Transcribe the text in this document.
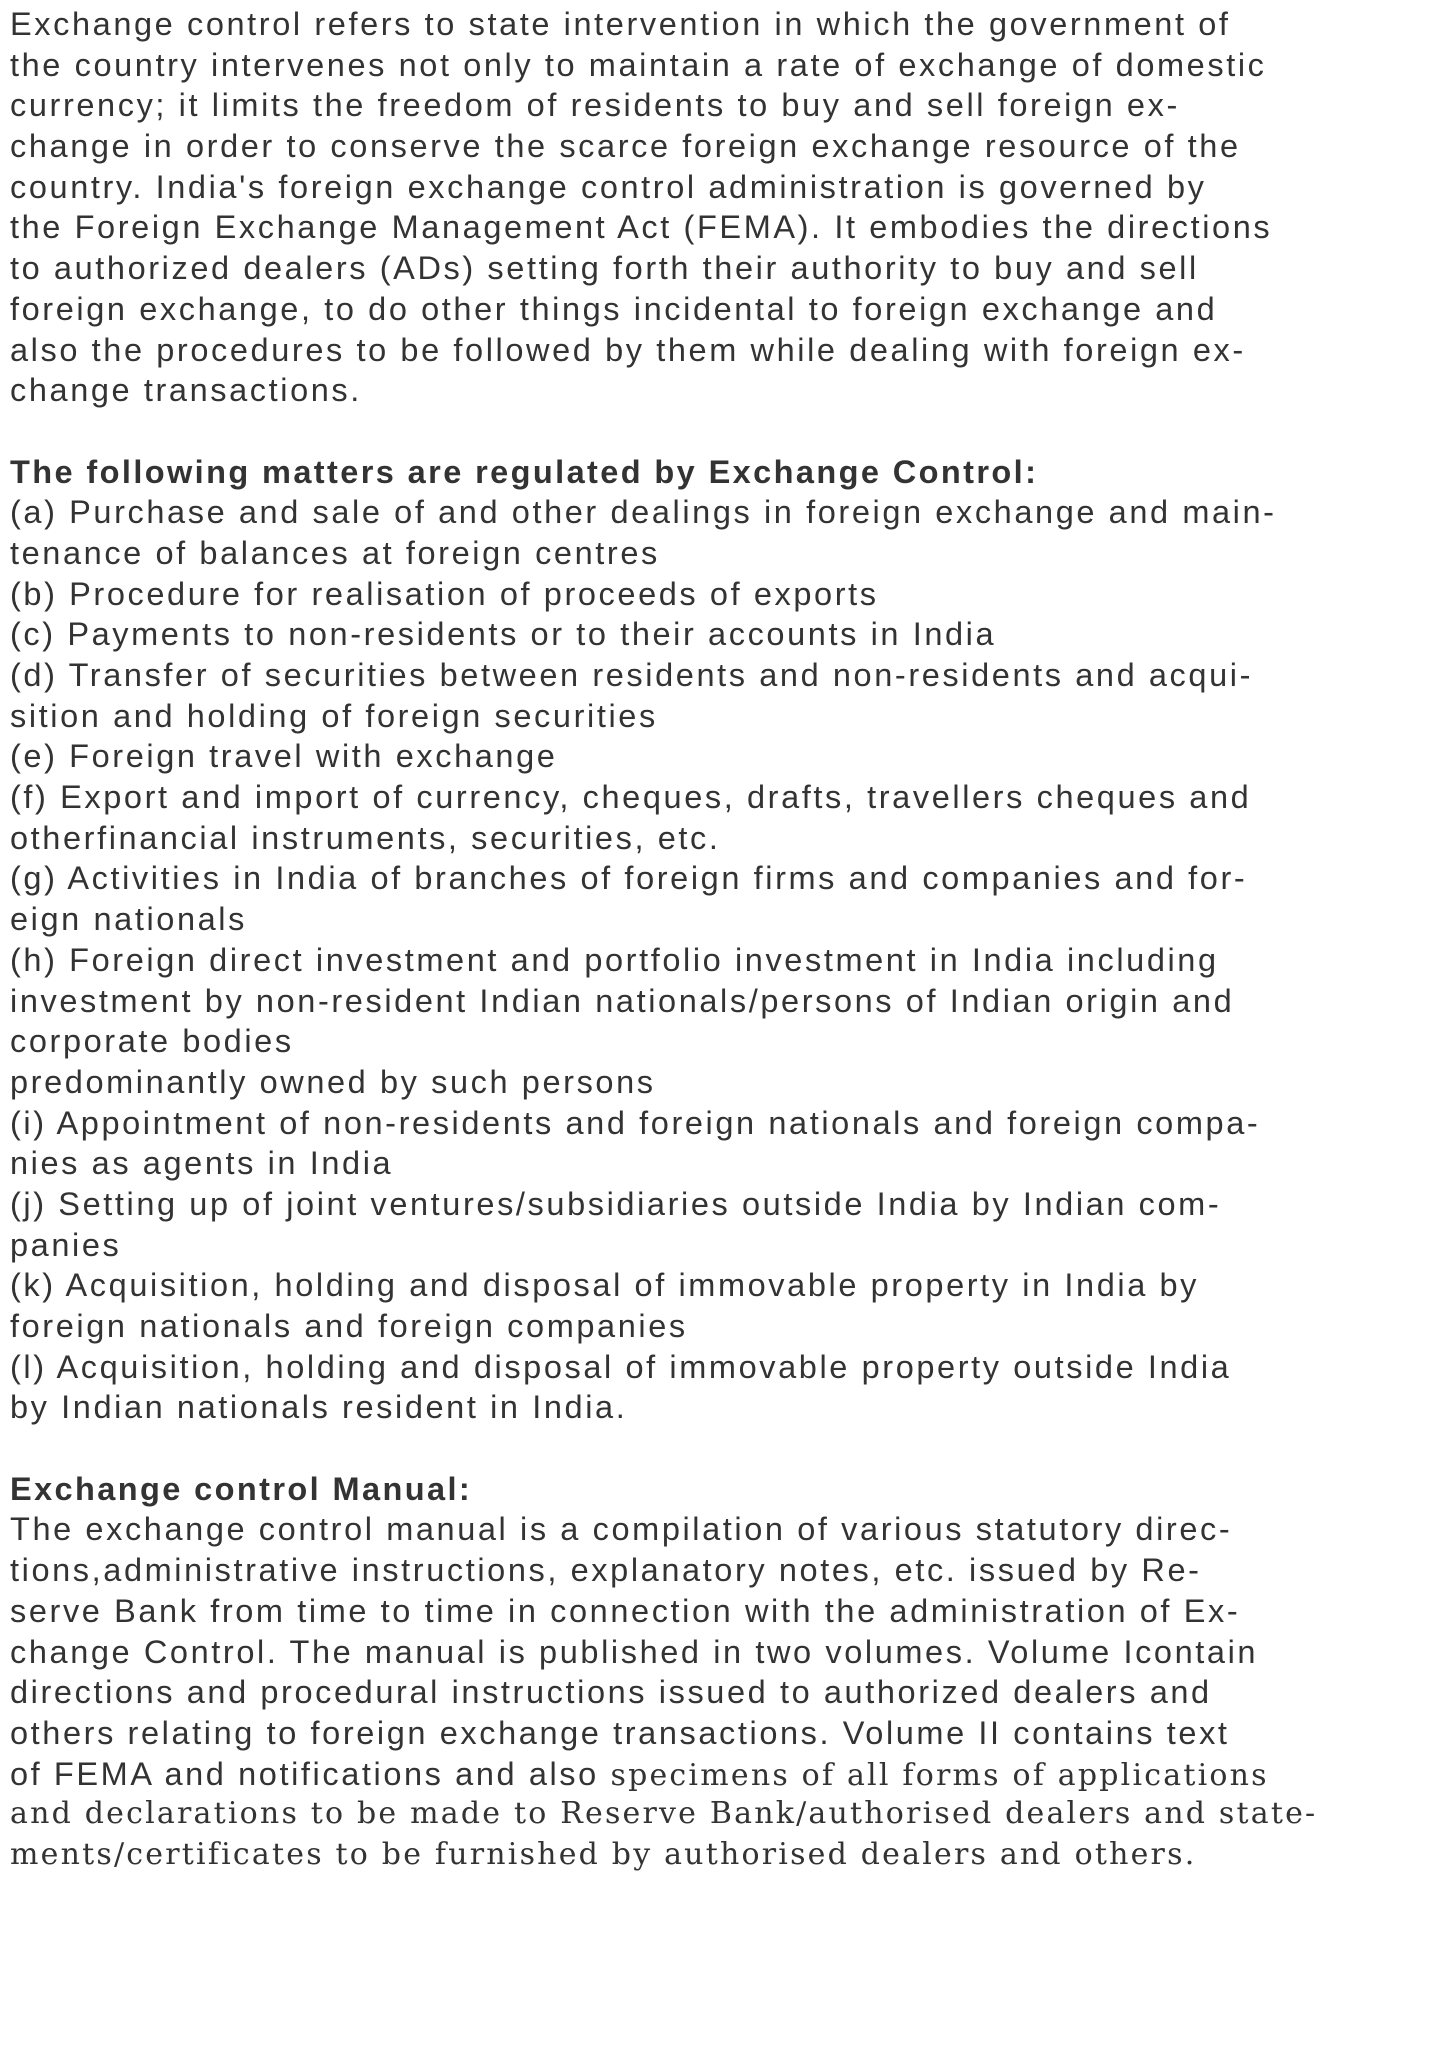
Exchange control refers to state intervention in which the government of
the country intervenes not only to maintain a rate of exchange of domestic
currency; it limits the freedom of residents to buy and sell foreign ex-
change in order to conserve the scarce foreign exchange resource of the
country. India's foreign exchange control administration is governed by
the Foreign Exchange Management Act (FEMA). It embodies the directions
to authorized dealers (ADs) setting forth their authority to buy and sell
foreign exchange, to do other things incidental to foreign exchange and
also the procedures to be followed by them while dealing with foreign ex-
change transactions.
The following matters are regulated by Exchange Control:
(a) Purchase and sale of and other dealings in foreign exchange and main-
tenance of balances at foreign centres
(b) Procedure for realisation of proceeds of exports
(c) Payments to non-residents or to their accounts in India
(d) Transfer of securities between residents and non-residents and acqui-
sition and holding of foreign securities
(e) Foreign travel with exchange
(f) Export and import of currency, cheques, drafts, travellers cheques and
otherfinancial instruments, securities, etc.
(g) Activities in India of branches of foreign firms and companies and for-
eign nationals
(h) Foreign direct investment and portfolio investment in India including
investment by non-resident Indian nationals/persons of Indian origin and
corporate bodies
predominantly owned by such persons
(i) Appointment of non-residents and foreign nationals and foreign compa-
nies as agents in India
(j) Setting up of joint ventures/subsidiaries outside India by Indian com-
panies
(k) Acquisition, holding and disposal of immovable property in India by
foreign nationals and foreign companies
(l) Acquisition, holding and disposal of immovable property outside India
by Indian nationals resident in India.
Exchange control Manual:
The exchange control manual is a compilation of various statutory direc-
tions,administrative instructions, explanatory notes, etc. issued by Re-
serve Bank from time to time in connection with the administration of Ex-
change Control. The manual is published in two volumes. Volume Icontain
directions and procedural instructions issued to authorized dealers and
others relating to foreign exchange transactions. Volume II contains text
of FEMA and notifications and also specimens of all forms of applications
and declarations to be made to Reserve Bank/authorised dealers and state-
ments/certificates to be furnished by authorised dealers and others.
